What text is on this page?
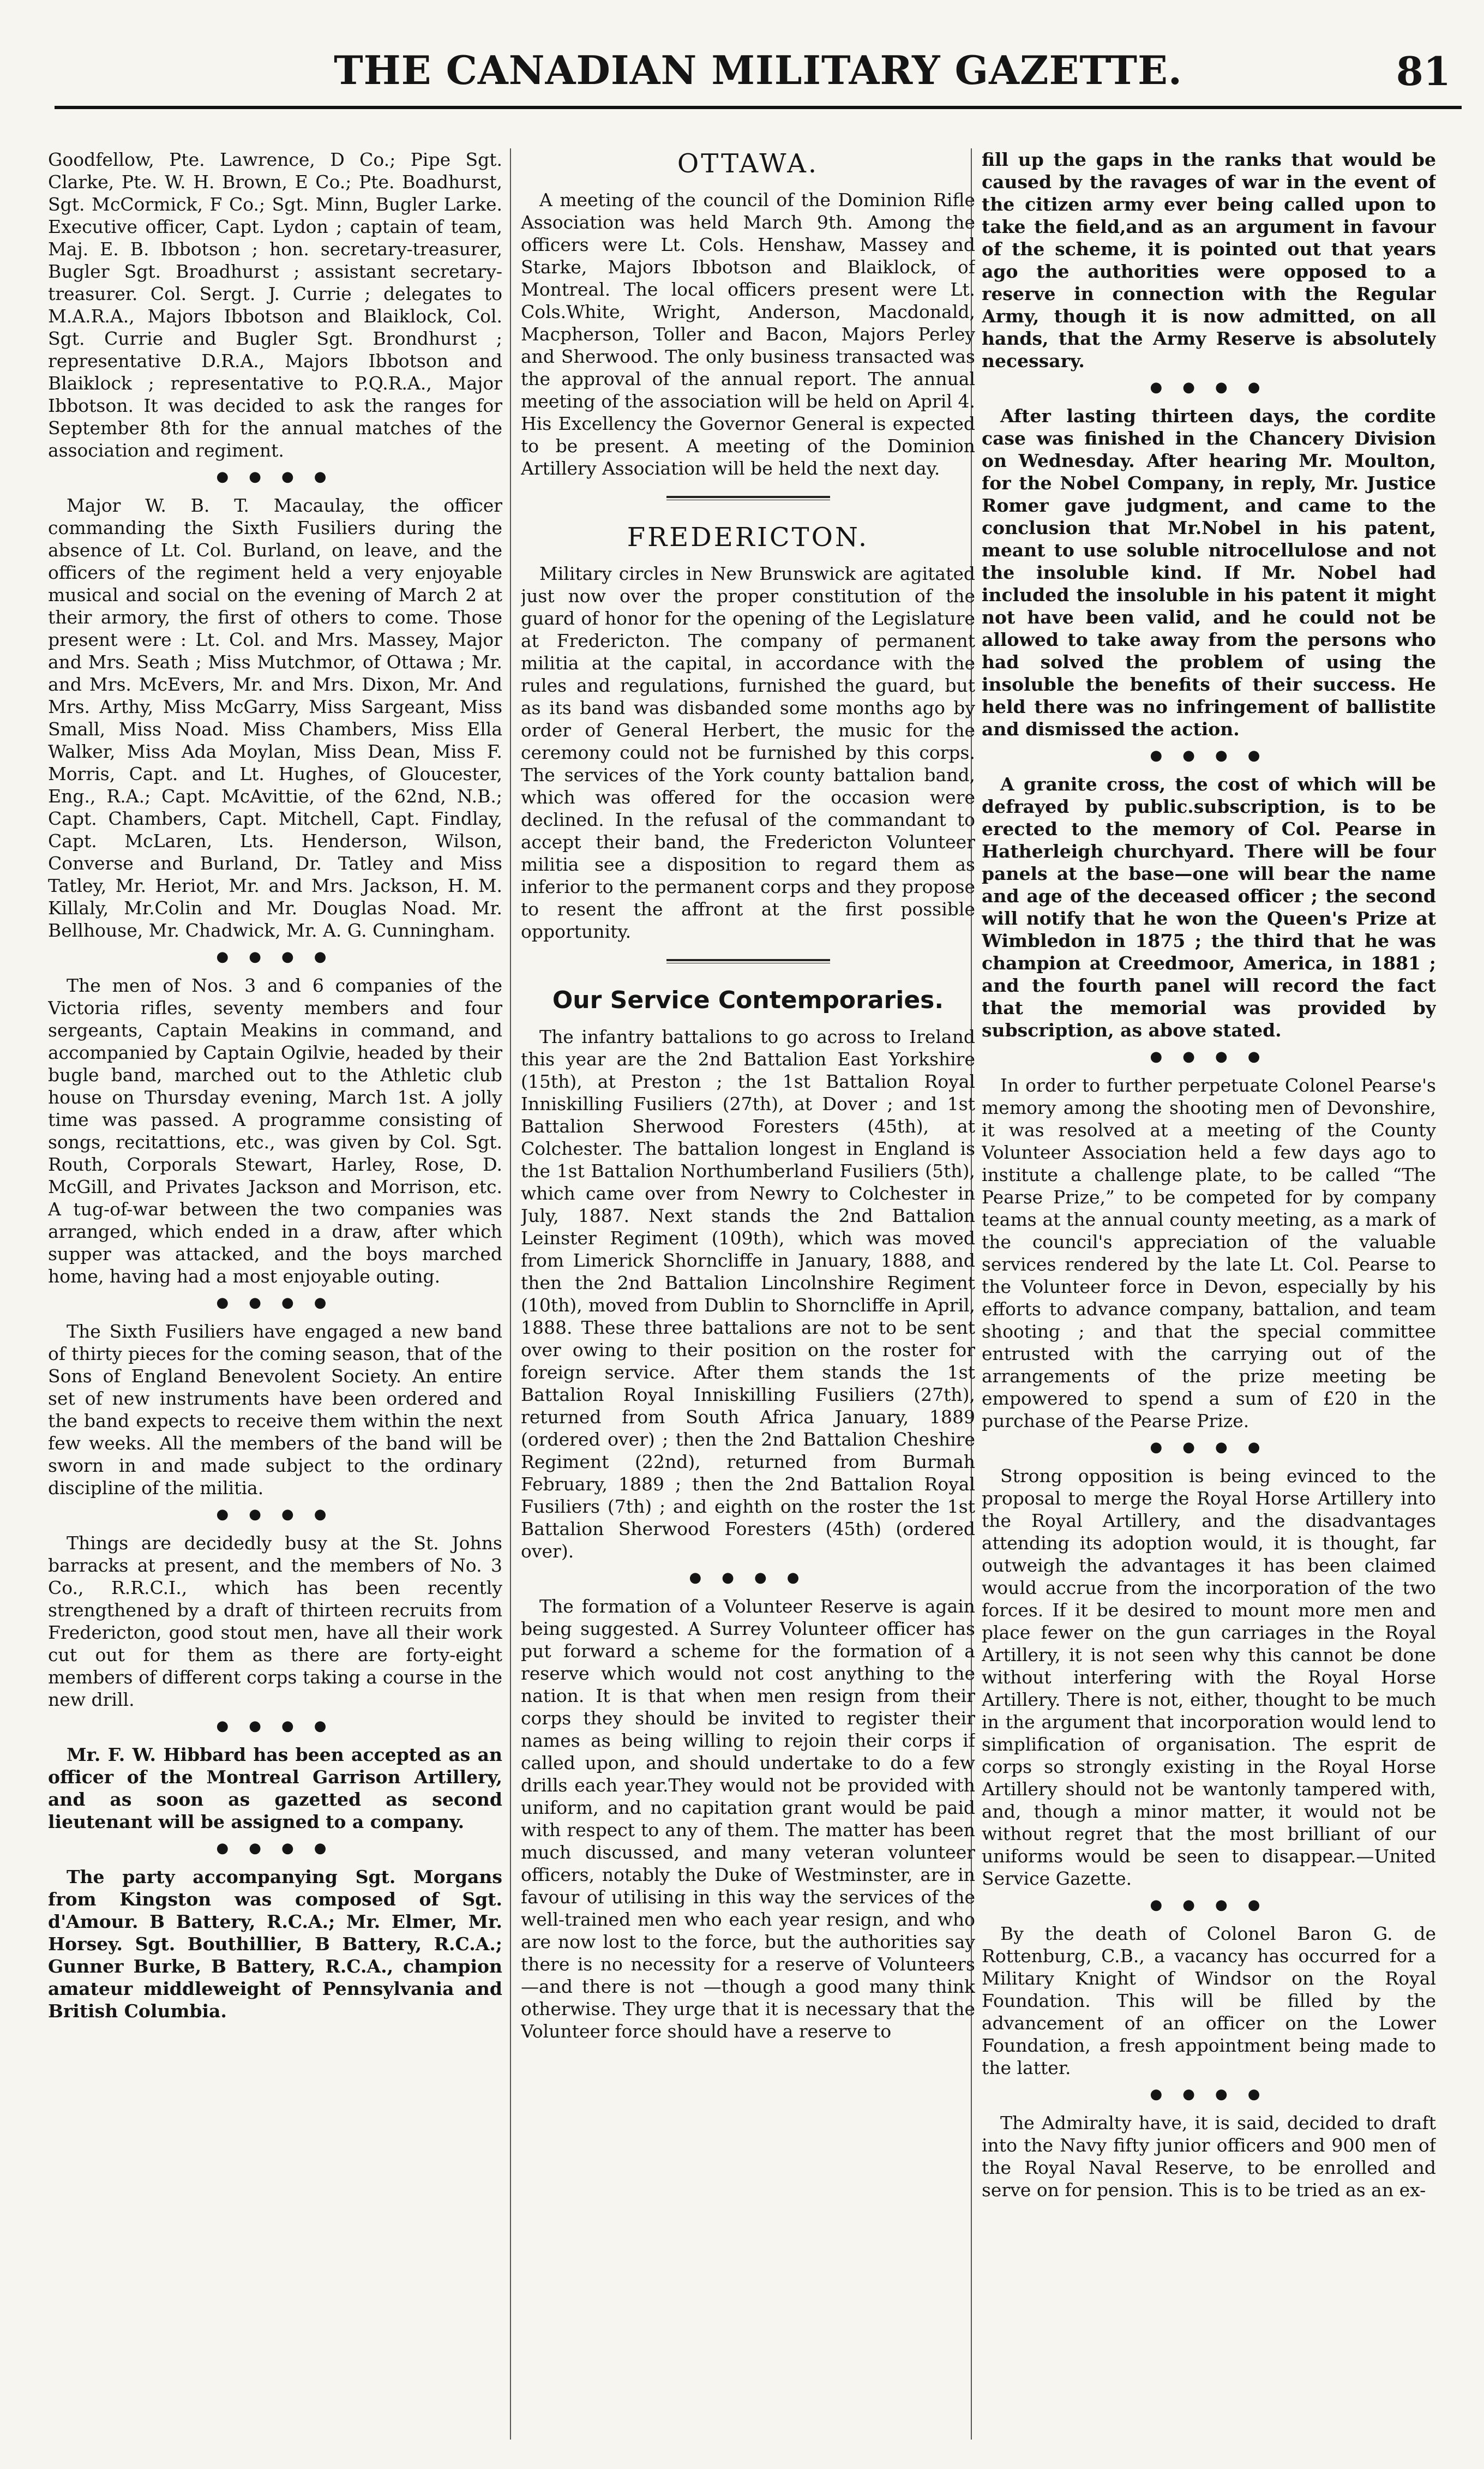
THE CANADIAN MILITARY GAZETTE.	81

Goodfellow, Pte. Lawrence, D Co.; Pipe Sgt. Clarke, Pte. W. H. Brown, E Co.; Pte. Boadhurst, Sgt. McCormick, F Co.; Sgt. Minn, Bugler Larke. Executive officer, Capt. Lydon ; captain of team, Maj. E. B. Ibbotson ; hon. secretary-treasurer, Bugler Sgt. Broadhurst ; assistant secretary-treasurer. Col. Sergt. J. Currie ; delegates to M.A.R.A., Majors Ibbotson and Blaiklock, Col. Sgt. Currie and Bugler Sgt. Brondhurst ; representative D.R.A., Majors Ibbotson and Blaiklock ; representative to P.Q.R.A., Major Ibbotson. It was decided to ask the ranges for September 8th for the annual matches of the association and regiment.

● ● ● ●

Major W. B. T. Macaulay, the officer commanding the Sixth Fusiliers during the absence of Lt. Col. Burland, on leave, and the officers of the regiment held a very enjoyable musical and social on the evening of March 2 at their armory, the first of others to come. Those present were : Lt. Col. and Mrs. Massey, Major and Mrs. Seath ; Miss Mutchmor, of Ottawa ; Mr. and Mrs. McEvers, Mr. and Mrs. Dixon, Mr. And Mrs. Arthy, Miss McGarry, Miss Sargeant, Miss Small, Miss Noad. Miss Chambers, Miss Ella Walker, Miss Ada Moylan, Miss Dean, Miss F. Morris, Capt. and Lt. Hughes, of Gloucester, Eng., R.A.; Capt. McAvittie, of the 62nd, N.B.; Capt. Chambers, Capt. Mitchell, Capt. Findlay, Capt. McLaren, Lts. Henderson, Wilson, Converse and Burland, Dr. Tatley and Miss Tatley, Mr. Heriot, Mr. and Mrs. Jackson, H. M. Killaly, Mr.Colin and Mr. Douglas Noad. Mr. Bellhouse, Mr. Chadwick, Mr. A. G. Cunningham.

● ● ● ●

The men of Nos. 3 and 6 companies of the Victoria rifles, seventy members and four sergeants, Captain Meakins in command, and accompanied by Captain Ogilvie, headed by their bugle band, marched out to the Athletic club house on Thursday evening, March 1st. A jolly time was passed. A programme consisting of songs, recitattions, etc., was given by Col. Sgt. Routh, Corporals Stewart, Harley, Rose, D. McGill, and Privates Jackson and Morrison, etc. A tug-of-war between the two companies was arranged, which ended in a draw, after which supper was attacked, and the boys marched home, having had a most enjoyable outing.

● ● ● ●

The Sixth Fusiliers have engaged a new band of thirty pieces for the coming season, that of the Sons of England Benevolent Society. An entire set of new instruments have been ordered and the band expects to receive them within the next few weeks. All the members of the band will be sworn in and made subject to the ordinary discipline of the militia.

● ● ● ●

Things are decidedly busy at the St. Johns barracks at present, and the members of No. 3 Co., R.R.C.I., which has been recently strengthened by a draft of thirteen recruits from Fredericton, good stout men, have all their work cut out for them as there are forty-eight members of different corps taking a course in the new drill.

● ● ● ●

Mr. F. W. Hibbard has been accepted as an officer of the Montreal Garrison Artillery, and as soon as gazetted as second lieutenant will be assigned to a company.

● ● ● ●

The party accompanying Sgt. Morgans from Kingston was composed of Sgt. d'Amour. B Battery, R.C.A.; Mr. Elmer, Mr. Horsey. Sgt. Bouthillier, B Battery, R.C.A.; Gunner Burke, B Battery, R.C.A., champion amateur middleweight of Pennsylvania and British Columbia.

OTTAWA.

A meeting of the council of the Dominion Rifle Association was held March 9th. Among the officers were Lt. Cols. Henshaw, Massey and Starke, Majors Ibbotson and Blaiklock, of Montreal. The local officers present were Lt. Cols.White, Wright, Anderson, Macdonald, Macpherson, Toller and Bacon, Majors Perley and Sherwood. The only business transacted was the approval of the annual report. The annual meeting of the association will be held on April 4. His Excellency the Governor General is expected to be present. A meeting of the Dominion Artillery Association will be held the next day.

FREDERICTON.

Military circles in New Brunswick are agitated just now over the proper constitution of the guard of honor for the opening of the Legislature at Fredericton. The company of permanent militia at the capital, in accordance with the rules and regulations, furnished the guard, but as its band was disbanded some months ago by order of General Herbert, the music for the ceremony could not be furnished by this corps. The services of the York county battalion band, which was offered for the occasion were declined. In the refusal of the commandant to accept their band, the Fredericton Volunteer militia see a disposition to regard them as inferior to the permanent corps and they propose to resent the affront at the first possible opportunity.

Our Service Contemporaries.

The infantry battalions to go across to Ireland this year are the 2nd Battalion East Yorkshire (15th), at Preston ; the 1st Battalion Royal Inniskilling Fusiliers (27th), at Dover ; and 1st Battalion Sherwood Foresters (45th), at Colchester. The battalion longest in England is the 1st Battalion Northumberland Fusiliers (5th), which came over from Newry to Colchester in July, 1887. Next stands the 2nd Battalion Leinster Regiment (109th), which was moved from Limerick Shorncliffe in January, 1888, and then the 2nd Battalion Lincolnshire Regiment (10th), moved from Dublin to Shorncliffe in April, 1888. These three battalions are not to be sent over owing to their position on the roster for foreign service. After them stands the 1st Battalion Royal Inniskilling Fusiliers (27th), returned from South Africa January, 1889 (ordered over) ; then the 2nd Battalion Cheshire Regiment (22nd), returned from Burmah February, 1889 ; then the 2nd Battalion Royal Fusiliers (7th) ; and eighth on the roster the 1st Battalion Sherwood Foresters (45th) (ordered over).

● ● ● ●

The formation of a Volunteer Reserve is again being suggested. A Surrey Volunteer officer has put forward a scheme for the formation of a reserve which would not cost anything to the nation. It is that when men resign from their corps they should be invited to register their names as being willing to rejoin their corps if called upon, and should undertake to do a few drills each year.They would not be provided with uniform, and no capitation grant would be paid with respect to any of them. The matter has been much discussed, and many veteran volunteer officers, notably the Duke of Westminster, are in favour of utilising in this way the services of the well-trained men who each year resign, and who are now lost to the force, but the authorities say there is no necessity for a reserve of Volunteers—and there is not —though a good many think otherwise. They urge that it is necessary that the Volunteer force should have a reserve to

fill up the gaps in the ranks that would be caused by the ravages of war in the event of the citizen army ever being called upon to take the field,and as an argument in favour of the scheme, it is pointed out that years ago the authorities were opposed to a reserve in connection with the Regular Army, though it is now admitted, on all hands, that the Army Reserve is absolutely necessary.

● ● ● ●

After lasting thirteen days, the cordite case was finished in the Chancery Division on Wednesday. After hearing Mr. Moulton, for the Nobel Company, in reply, Mr. Justice Romer gave judgment, and came to the conclusion that Mr.Nobel in his patent, meant to use soluble nitrocellulose and not the insoluble kind. If Mr. Nobel had included the insoluble in his patent it might not have been valid, and he could not be allowed to take away from the persons who had solved the problem of using the insoluble the benefits of their success. He held there was no infringement of ballistite and dismissed the action.

● ● ● ●

A granite cross, the cost of which will be defrayed by public.subscription, is to be erected to the memory of Col. Pearse in Hatherleigh churchyard. There will be four panels at the base—one will bear the name and age of the deceased officer ; the second will notify that he won the Queen's Prize at Wimbledon in 1875 ; the third that he was champion at Creedmoor, America, in 1881 ; and the fourth panel will record the fact that the memorial was provided by subscription, as above stated.

● ● ● ●

In order to further perpetuate Colonel Pearse's memory among the shooting men of Devonshire, it was resolved at a meeting of the County Volunteer Association held a few days ago to institute a challenge plate, to be called “The Pearse Prize,” to be competed for by company teams at the annual county meeting, as a mark of the council's appreciation of the valuable services rendered by the late Lt. Col. Pearse to the Volunteer force in Devon, especially by his efforts to advance company, battalion, and team shooting ; and that the special committee entrusted with the carrying out of the arrangements of the prize meeting be empowered to spend a sum of £20 in the purchase of the Pearse Prize.

● ● ● ●

Strong opposition is being evinced to the proposal to merge the Royal Horse Artillery into the Royal Artillery, and the disadvantages attending its adoption would, it is thought, far outweigh the advantages it has been claimed would accrue from the incorporation of the two forces. If it be desired to mount more men and place fewer on the gun carriages in the Royal Artillery, it is not seen why this cannot be done without interfering with the Royal Horse Artillery. There is not, either, thought to be much in the argument that incorporation would lend to simplification of organisation. The esprit de corps so strongly existing in the Royal Horse Artillery should not be wantonly tampered with, and, though a minor matter, it would not be without regret that the most brilliant of our uniforms would be seen to disappear.—United Service Gazette.

● ● ● ●

By the death of Colonel Baron G. de Rottenburg, C.B., a vacancy has occurred for a Military Knight of Windsor on the Royal Foundation. This will be filled by the advancement of an officer on the Lower Foundation, a fresh appointment being made to the latter.

● ● ● ●

The Admiralty have, it is said, decided to draft into the Navy fifty junior officers and 900 men of the Royal Naval Reserve, to be enrolled and serve on for pension. This is to be tried as an ex-
